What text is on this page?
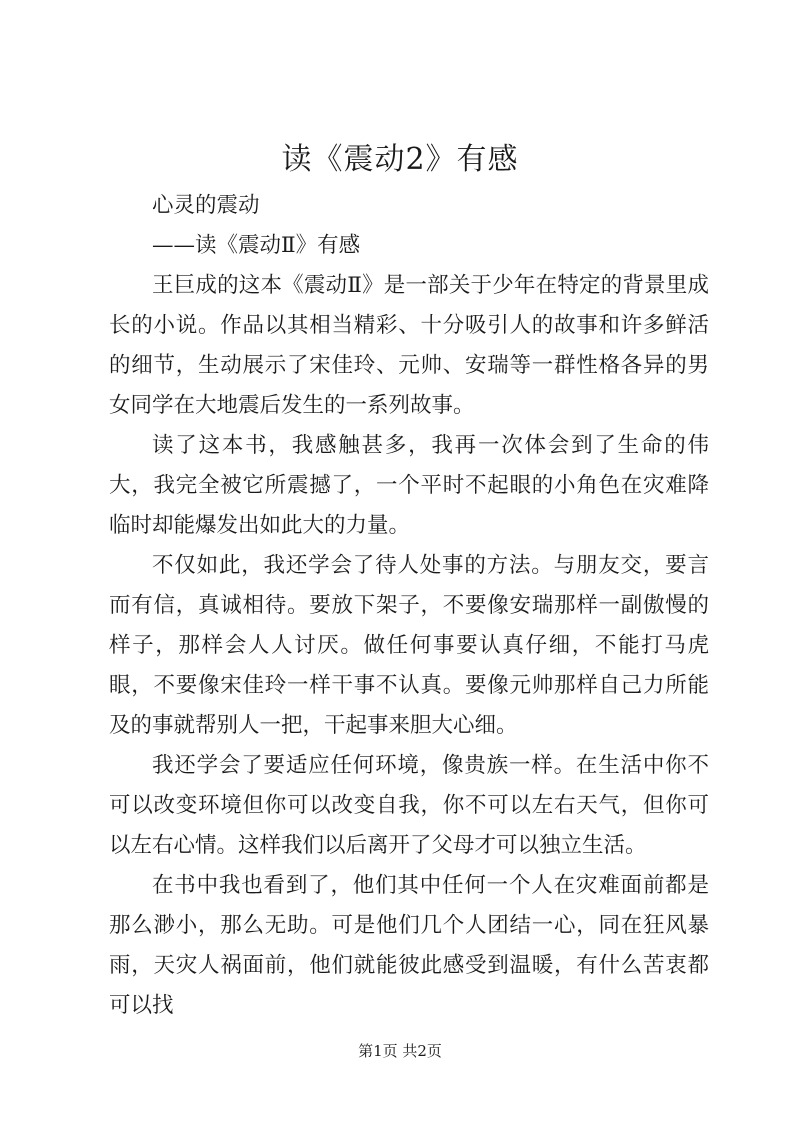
读《震动2》有感

心灵的震动

——读《震动Ⅱ》有感

王巨成的这本《震动Ⅱ》是一部关于少年在特定的背景里成长的小说。作品以其相当精彩、十分吸引人的故事和许多鲜活的细节，生动展示了宋佳玲、元帅、安瑞等一群性格各异的男女同学在大地震后发生的一系列故事。

读了这本书，我感触甚多，我再一次体会到了生命的伟大，我完全被它所震撼了，一个平时不起眼的小角色在灾难降临时却能爆发出如此大的力量。

不仅如此，我还学会了待人处事的方法。与朋友交，要言而有信，真诚相待。要放下架子，不要像安瑞那样一副傲慢的样子，那样会人人讨厌。做任何事要认真仔细，不能打马虎眼，不要像宋佳玲一样干事不认真。要像元帅那样自己力所能及的事就帮别人一把，干起事来胆大心细。

我还学会了要适应任何环境，像贵族一样。在生活中你不可以改变环境但你可以改变自我，你不可以左右天气，但你可以左右心情。这样我们以后离开了父母才可以独立生活。

在书中我也看到了，他们其中任何一个人在灾难面前都是那么渺小，那么无助。可是他们几个人团结一心，同在狂风暴雨，天灾人祸面前，他们就能彼此感受到温暖，有什么苦衷都可以找

第1页 共2页
